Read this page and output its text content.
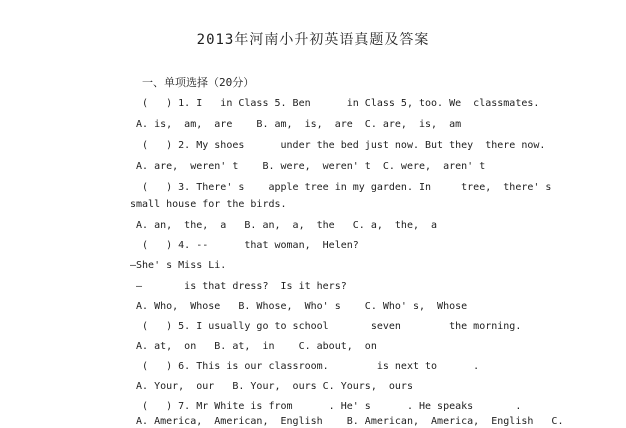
2013年河南小升初英语真题及答案
一、单项选择（20分）
(   ) 1. I   in Class 5. Ben      in Class 5, too. We  classmates.
A. is,  am,  are    B. am,  is,  are  C. are,  is,  am
(   ) 2. My shoes      under the bed just now. But they  there now.
A. are,  weren' t    B. were,  weren' t  C. were,  aren' t
(   ) 3. There' s    apple tree in my garden. In     tree,  there' s
small house for the birds.
A. an,  the,  a   B. an,  a,  the   C. a,  the,  a
(   ) 4. --      that woman,  Helen?
—She' s Miss Li.
—       is that dress?  Is it hers?
A. Who,  Whose   B. Whose,  Who' s    C. Who' s,  Whose
(   ) 5. I usually go to school       seven        the morning.
A. at,  on   B. at,  in    C. about,  on
(   ) 6. This is our classroom.        is next to      .
A. Your,  our   B. Your,  ours C. Yours,  ours
(   ) 7. Mr White is from      . He' s      . He speaks       .
A. America,  American,  English    B. American,  America,  English   C.
